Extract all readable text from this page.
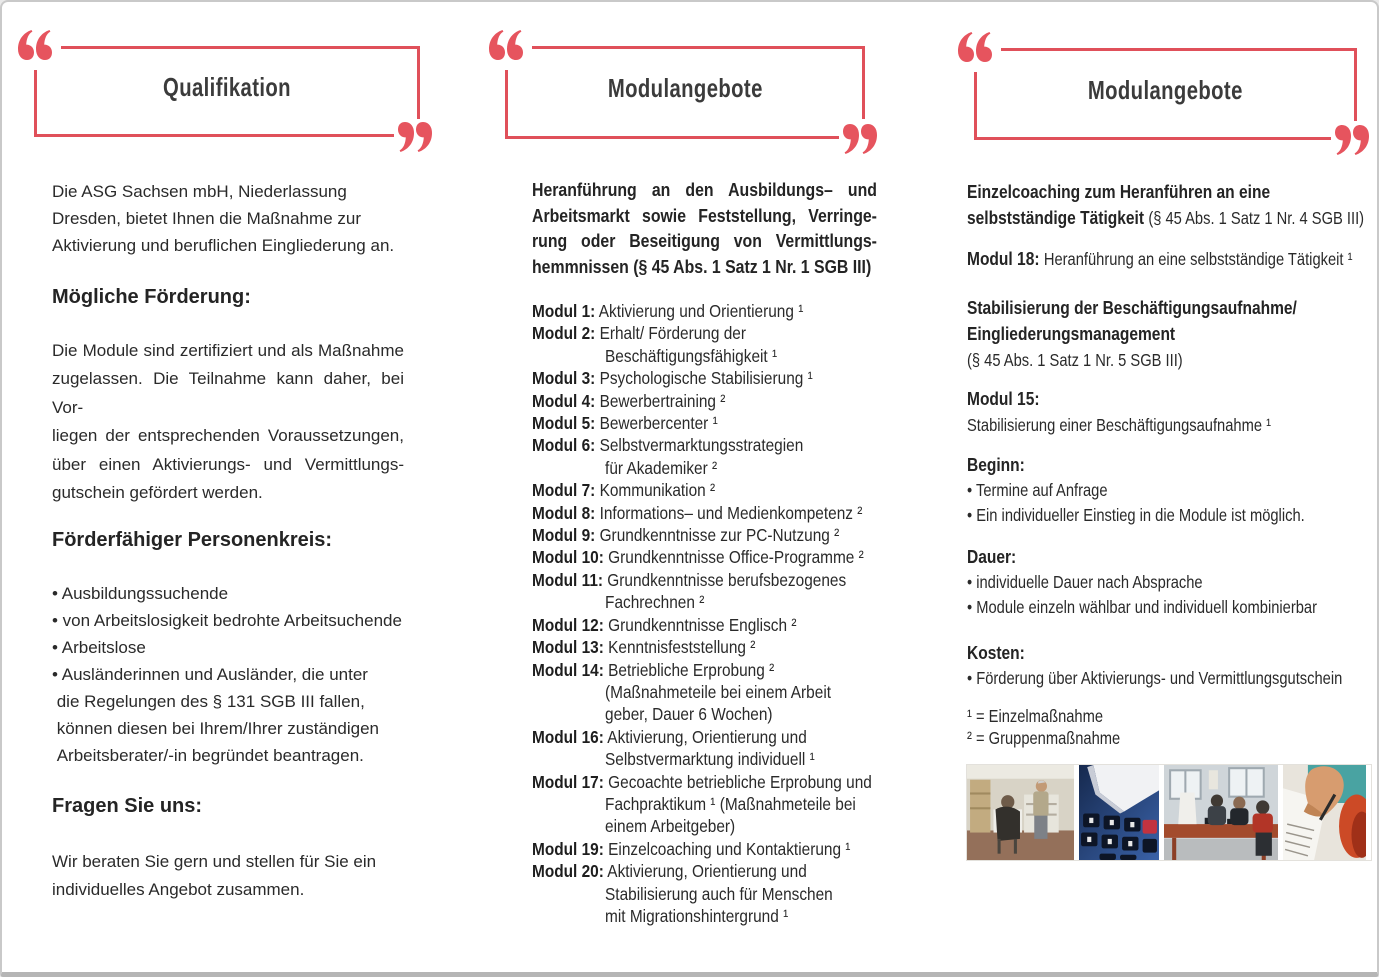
Qualifikation

Die ASG Sachsen mbH, Niederlassung
Dresden, bietet Ihnen die Maßnahme zur
Aktivierung und beruflichen Eingliederung an.

Mögliche Förderung:
Die Module sind zertifiziert und als Maßnahme
zugelassen. Die Teilnahme kann daher, bei Vor-
liegen der entsprechenden Voraussetzungen,
über einen Aktivierungs- und Vermittlungs-
gutschein gefördert werden.
Förderfähiger Personenkreis:
• Ausbildungssuchende
• von Arbeitslosigkeit bedrohte Arbeitsuchende
• Arbeitslose
• Ausländerinnen und Ausländer, die unter
die Regelungen des § 131 SGB III fallen,
können diesen bei Ihrem/Ihrer zuständigen
Arbeitsberater/-in begründet beantragen.
Fragen Sie uns:

Wir beraten Sie gern und stellen für Sie ein
individuelles Angebot zusammen.

Modulangebote
Heranführung an den Ausbildungs– und
Arbeitsmarkt sowie Feststellung, Verringe-
rung oder Beseitigung von Vermittlungs-
hemmnissen (§ 45 Abs. 1 Satz 1 Nr. 1 SGB III)
Modul 1: Aktivierung und Orientierung ¹
Modul 2: Erhalt/ Förderung der
Beschäftigungsfähigkeit ¹
Modul 3: Psychologische Stabilisierung ¹
Modul 4: Bewerbertraining ²
Modul 5: Bewerbercenter ¹
Modul 6: Selbstvermarktungsstrategien
für Akademiker ²
Modul 7: Kommunikation ²
Modul 8: Informations– und Medienkompetenz ²
Modul 9: Grundkenntnisse zur PC-Nutzung ²
Modul 10: Grundkenntnisse Office-Programme ²
Modul 11: Grundkenntnisse berufsbezogenes
Fachrechnen ²
Modul 12: Grundkenntnisse Englisch ²
Modul 13: Kenntnisfeststellung ²
Modul 14: Betriebliche Erprobung ²
(Maßnahmeteile bei einem Arbeit
geber, Dauer 6 Wochen)
Modul 16: Aktivierung, Orientierung und
Selbstvermarktung individuell ¹
Modul 17: Gecoachte betriebliche Erprobung und
Fachpraktikum ¹ (Maßnahmeteile bei
einem Arbeitgeber)
Modul 19: Einzelcoaching und Kontaktierung ¹
Modul 20: Aktivierung, Orientierung und
Stabilisierung auch für Menschen
mit Migrationshintergrund ¹
Modulangebote

Einzelcoaching zum Heranführen an eine
selbstständige Tätigkeit (§ 45 Abs. 1 Satz 1 Nr. 4 SGB III)

Modul 18: Heranführung an eine selbstständige Tätigkeit ¹

Stabilisierung der Beschäftigungsaufnahme/
Eingliederungsmanagement
(§ 45 Abs. 1 Satz 1 Nr. 5 SGB III)

Modul 15:
Stabilisierung einer Beschäftigungsaufnahme ¹

Beginn:
• Termine auf Anfrage
• Ein individueller Einstieg in die Module ist möglich.

Dauer:
• individuelle Dauer nach Absprache
• Module einzeln wählbar und individuell kombinierbar

Kosten:
• Förderung über Aktivierungs- und Vermittlungsgutschein

¹ = Einzelmaßnahme
² = Gruppenmaßnahme
